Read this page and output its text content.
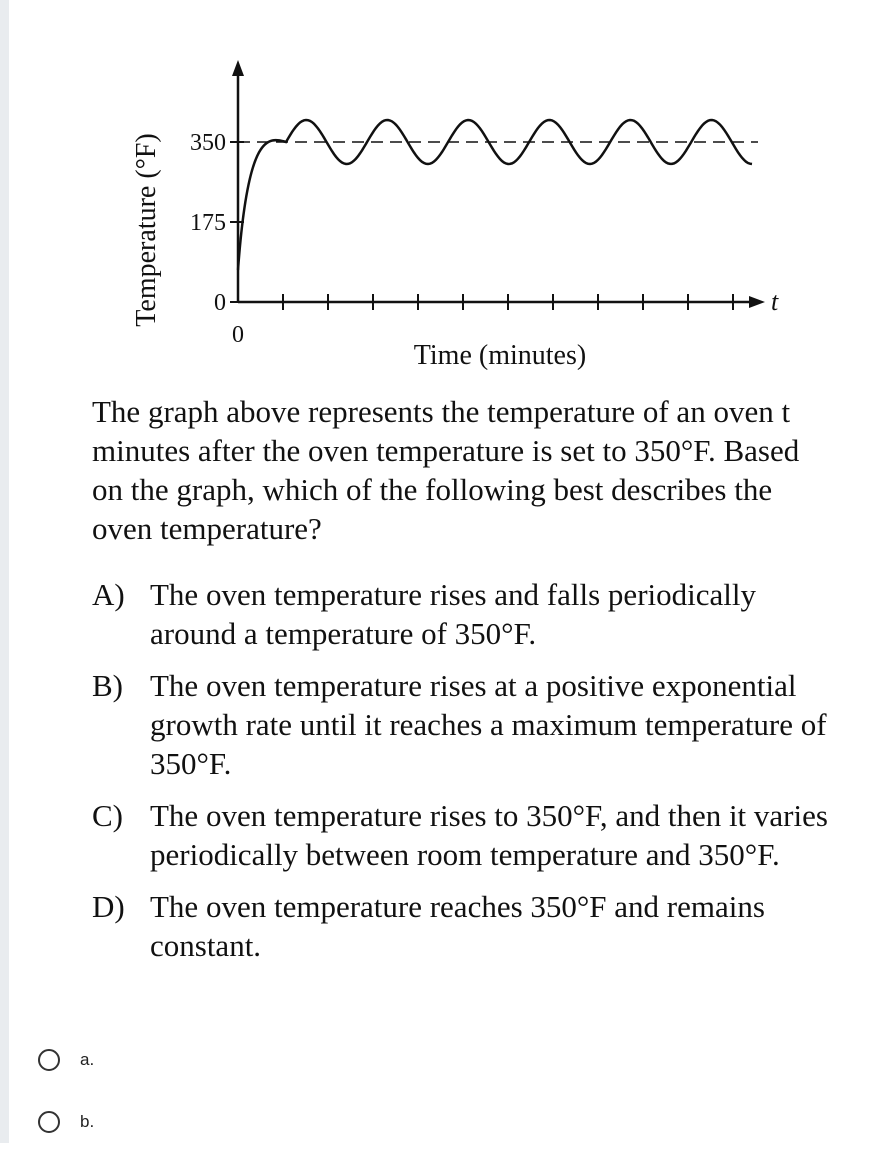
Temperature (°F) 0
175
350
0
t
Time (minutes)

The graph above represents the temperature of an oven t minutes after the oven temperature is set to 350°F. Based on the graph, which of the following best describes the oven temperature?

A) The oven temperature rises and falls periodically around a temperature of 350°F.
B) The oven temperature rises at a positive exponential growth rate until it reaches a maximum temperature of 350°F.
C) The oven temperature rises to 350°F, and then it varies periodically between room temperature and 350°F.
D) The oven temperature reaches 350°F and remains constant.
a.
b.
